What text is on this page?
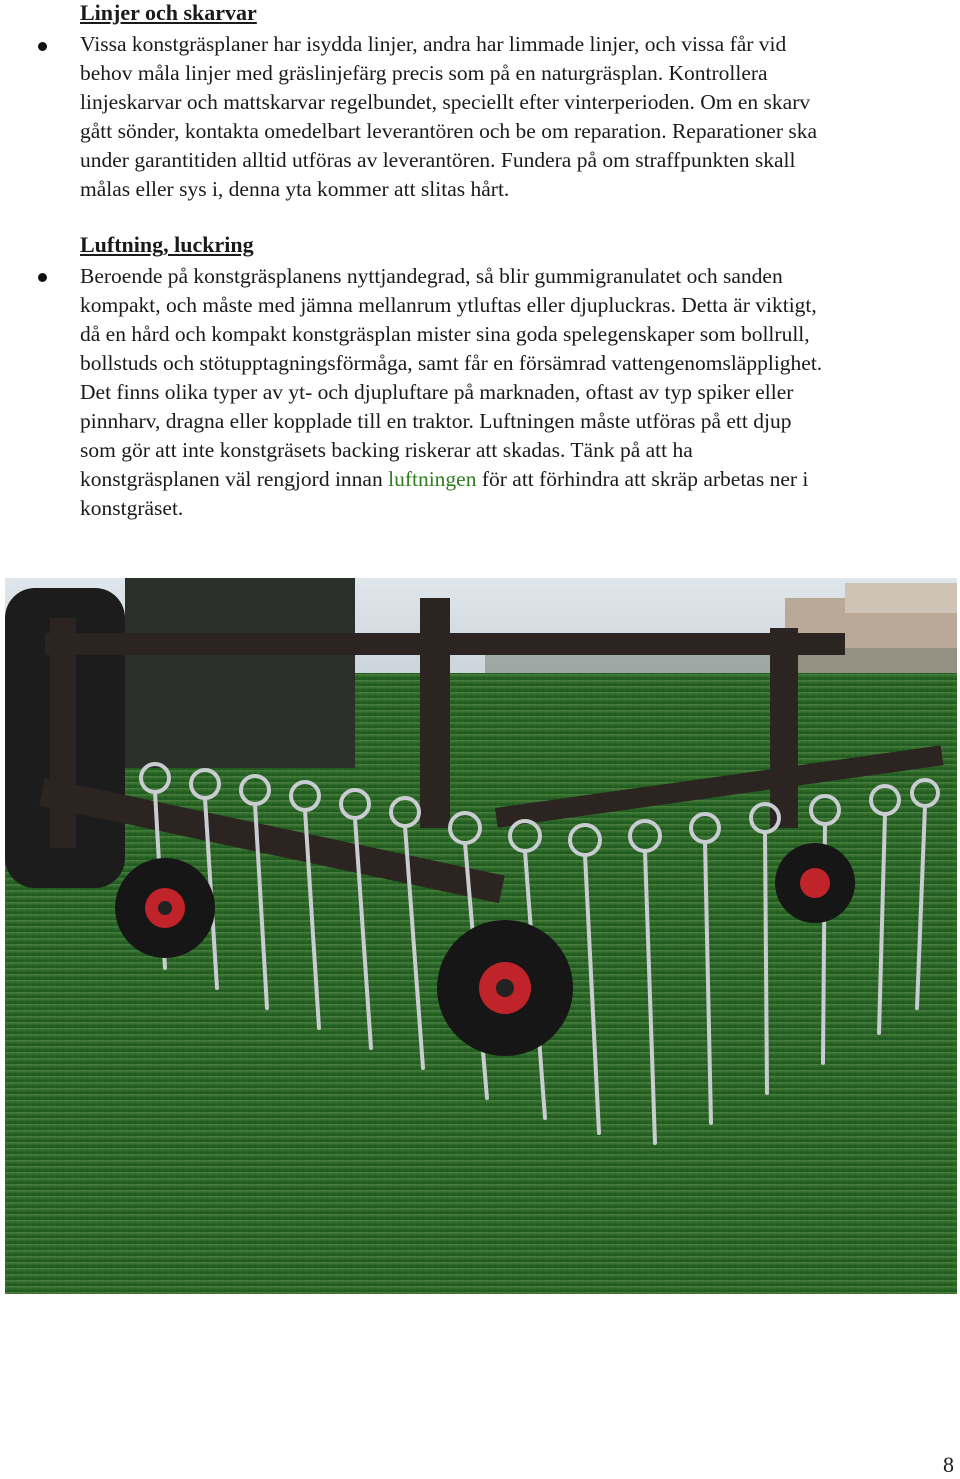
Linjer och skarvar
Vissa konstgräsplaner har isydda linjer, andra har limmade linjer, och vissa får vid
behov måla linjer med gräslinjefärg precis som på en naturgräsplan. Kontrollera
linjeskarvar och mattskarvar regelbundet, speciellt efter vinterperioden. Om en skarv
gått sönder, kontakta omedelbart leverantören och be om reparation. Reparationer ska
under garantitiden alltid utföras av leverantören. Fundera på om straffpunkten skall
målas eller sys i, denna yta kommer att slitas hårt.
Luftning, luckring
Beroende på konstgräsplanens nyttjandegrad, så blir gummigranulatet och sanden
kompakt, och måste med jämna mellanrum ytluftas eller djupluckras. Detta är viktigt,
då en hård och kompakt konstgräsplan mister sina goda spelegenskaper som bollrull,
bollstuds och stötupptagningsförmåga, samt får en försämrad vattengenomsläpplighet.
Det finns olika typer av yt- och djupluftare på marknaden, oftast av typ spiker eller
pinnharv, dragna eller kopplade till en traktor. Luftningen måste utföras på ett djup
som gör att inte konstgräsets backing riskerar att skadas. Tänk på att ha
konstgräsplanen väl rengjord innan luftningen för att förhindra att skräp arbetas ner i
konstgräset.
8
